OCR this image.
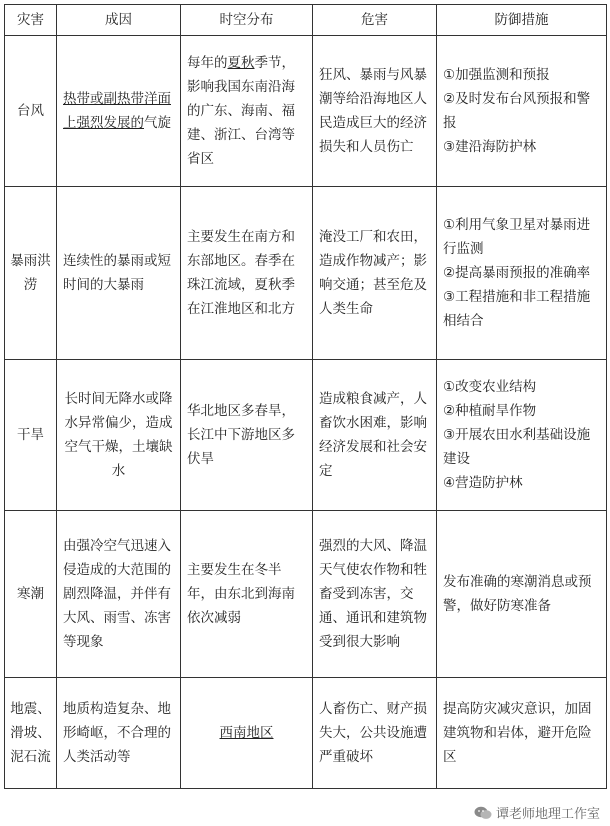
灾害	成因	时空分布	危害	防御措施
台风	热带或副热带洋面上强烈发展的气旋	每年的夏秋季节，影响我国东南沿海的广东、海南、福建、浙江、台湾等省区	狂风、暴雨与风暴潮等给沿海地区人民造成巨大的经济损失和人员伤亡	①加强监测和预报
②及时发布台风预报和警报
③建沿海防护林

暴雨洪涝	连续性的暴雨或短时间的大暴雨	主要发生在南方和东部地区。春季在珠江流域，夏秋季在江淮地区和北方	淹没工厂和农田，造成作物减产；影响交通；甚至危及人类生命	①利用气象卫星对暴雨进行监测
②提高暴雨预报的准确率
③工程措施和非工程措施相结合

干旱	长时间无降水或降水异常偏少，造成空气干燥，土壤缺水	华北地区多春旱，长江中下游地区多伏旱	造成粮食减产，人畜饮水困难，影响经济发展和社会安定	①改变农业结构
②种植耐旱作物
③开展农田水利基础设施建设
④营造防护林

寒潮	由强冷空气迅速入侵造成的大范围的剧烈降温，并伴有大风、雨雪、冻害等现象	主要发生在冬半年，由东北到海南依次减弱	强烈的大风、降温天气使农作物和牲畜受到冻害，交通、通讯和建筑物受到很大影响	发布准确的寒潮消息或预警，做好防寒准备
地震、滑坡、泥石流	地质构造复杂、地形崎岖，不合理的人类活动等	西南地区	人畜伤亡、财产损失大，公共设施遭严重破坏	提高防灾减灾意识，加固建筑物和岩体，避开危险区
谭老师地理工作室
